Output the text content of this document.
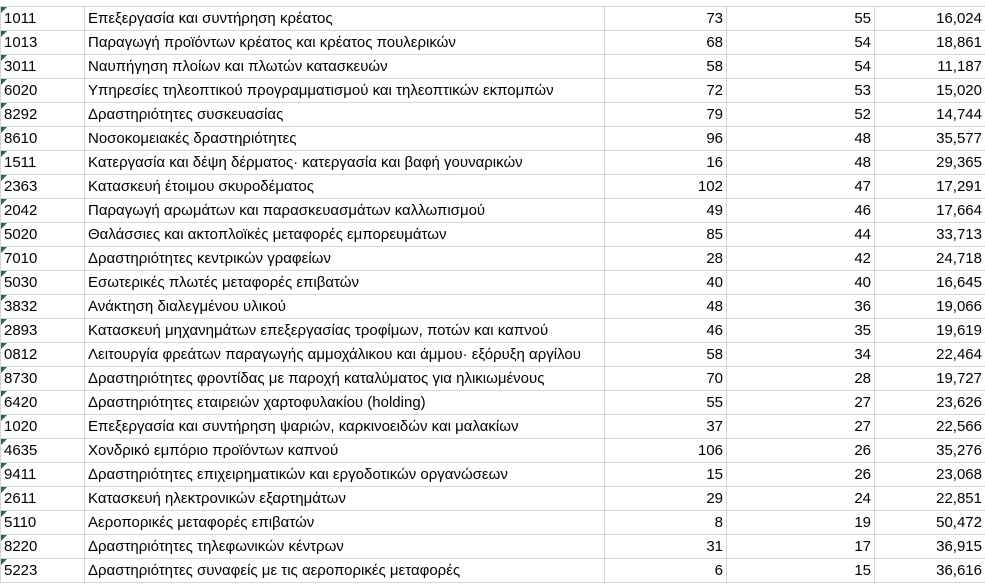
1011	Επεξεργασία και συντήρηση κρέατος	73	55	16,024
1013	Παραγωγή προϊόντων κρέατος και κρέατος πουλερικών	68	54	18,861
3011	Ναυπήγηση πλοίων και πλωτών κατασκευών	58	54	11,187
6020	Υπηρεσίες τηλεοπτικού προγραμματισμού και τηλεοπτικών εκπομπών	72	53	15,020
8292	Δραστηριότητες συσκευασίας	79	52	14,744
8610	Νοσοκομειακές δραστηριότητες	96	48	35,577
1511	Κατεργασία και δέψη δέρματος· κατεργασία και βαφή γουναρικών	16	48	29,365
2363	Κατασκευή έτοιμου σκυροδέματος	102	47	17,291
2042	Παραγωγή αρωμάτων και παρασκευασμάτων καλλωπισμού	49	46	17,664
5020	Θαλάσσιες και ακτοπλοϊκές μεταφορές εμπορευμάτων	85	44	33,713
7010	Δραστηριότητες κεντρικών γραφείων	28	42	24,718
5030	Εσωτερικές πλωτές μεταφορές επιβατών	40	40	16,645
3832	Ανάκτηση διαλεγμένου υλικού	48	36	19,066
2893	Κατασκευή μηχανημάτων επεξεργασίας τροφίμων, ποτών και καπνού	46	35	19,619
0812	Λειτουργία φρεάτων παραγωγής αμμοχάλικου και άμμου· εξόρυξη αργίλου	58	34	22,464
8730	Δραστηριότητες φροντίδας με παροχή καταλύματος για ηλικιωμένους	70	28	19,727
6420	Δραστηριότητες εταιρειών χαρτοφυλακίου (holding)	55	27	23,626
1020	Επεξεργασία και συντήρηση ψαριών, καρκινοειδών και μαλακίων	37	27	22,566
4635	Χονδρικό εμπόριο προϊόντων καπνού	106	26	35,276
9411	Δραστηριότητες επιχειρηματικών και εργοδοτικών οργανώσεων	15	26	23,068
2611	Κατασκευή ηλεκτρονικών εξαρτημάτων	29	24	22,851
5110	Αεροπορικές μεταφορές επιβατών	8	19	50,472
8220	Δραστηριότητες τηλεφωνικών κέντρων	31	17	36,915
5223	Δραστηριότητες συναφείς με τις αεροπορικές μεταφορές	6	15	36,616
